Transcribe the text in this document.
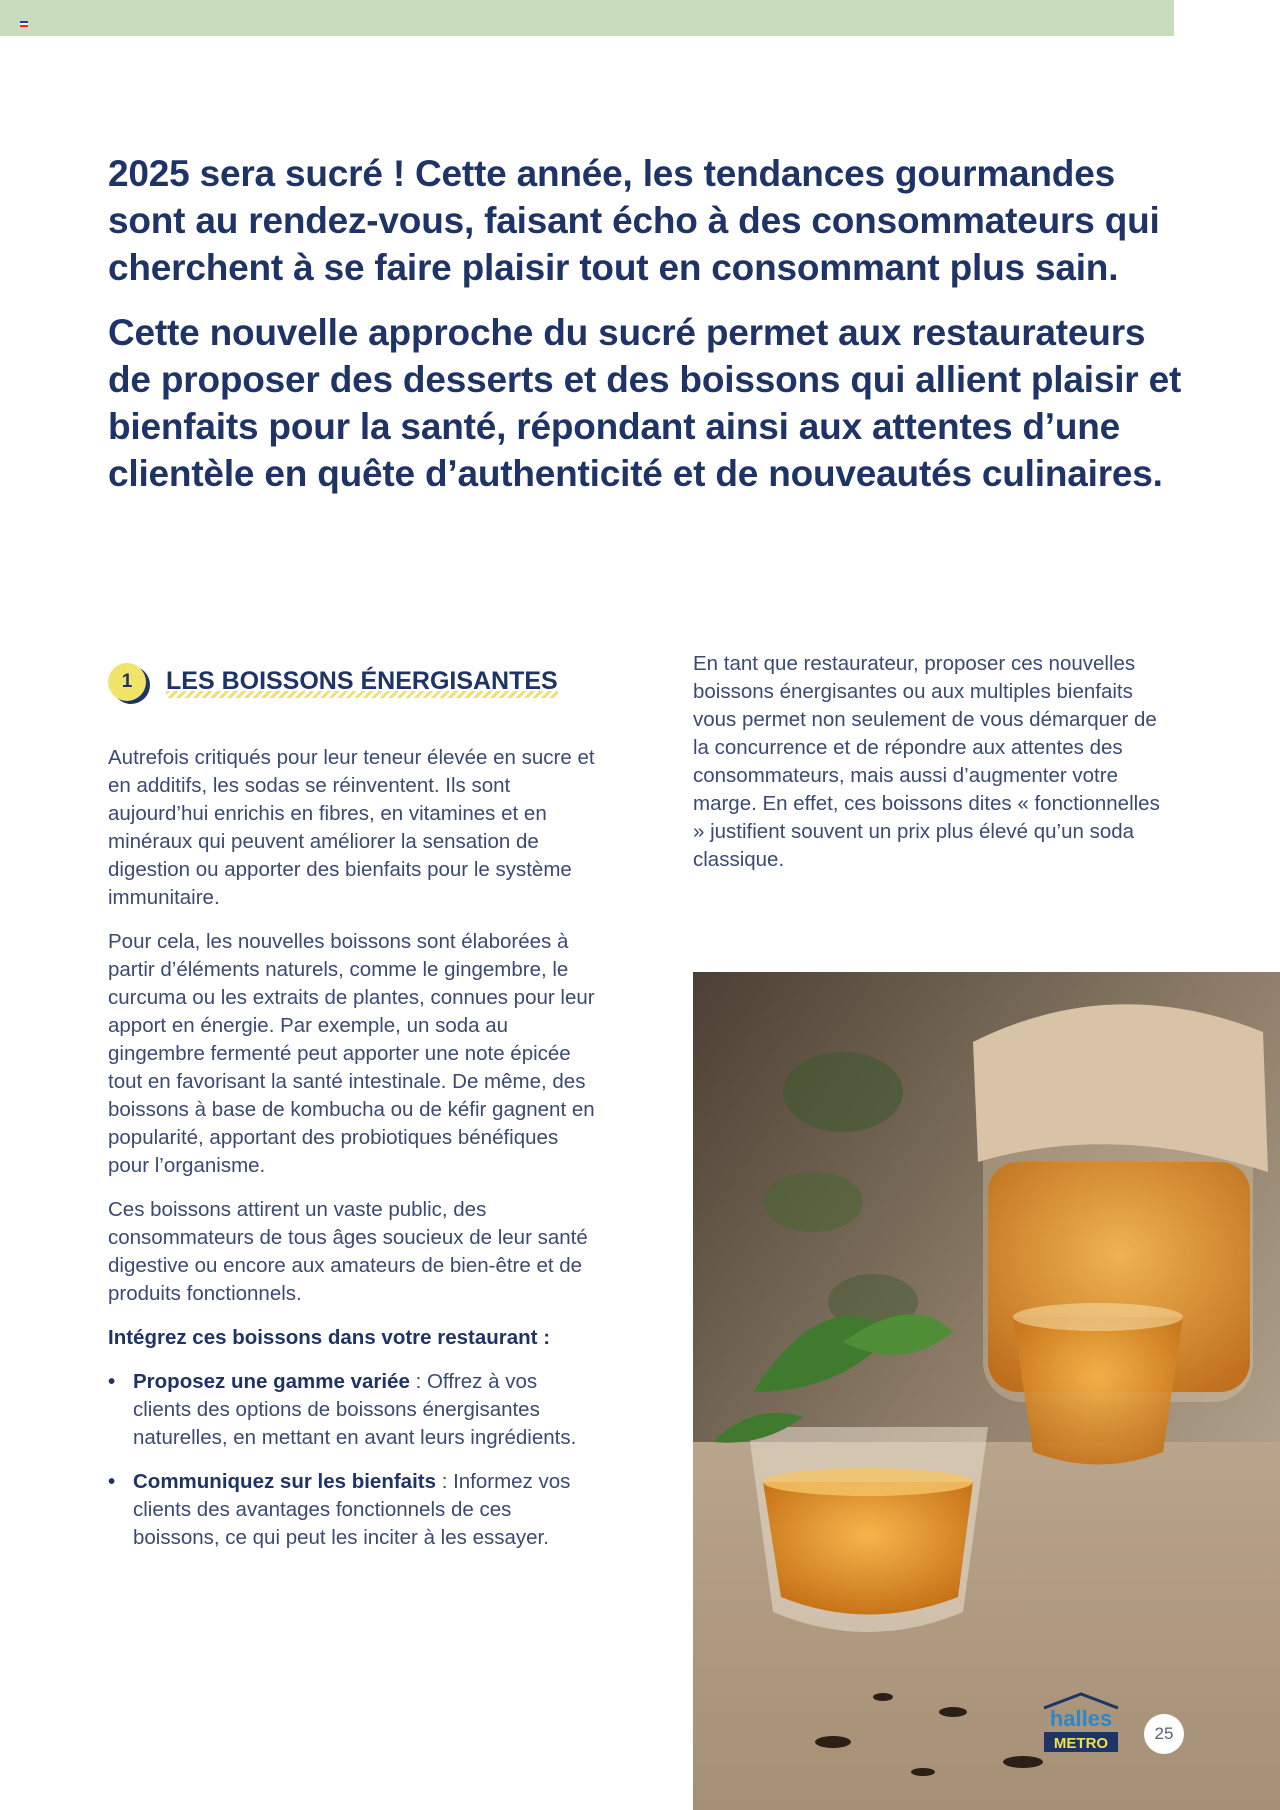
2025 sera sucré ! Cette année, les tendances gourmandes sont au rendez-vous, faisant écho à des consommateurs qui cherchent à se faire plaisir tout en consommant plus sain.

Cette nouvelle approche du sucré permet aux restaurateurs de proposer des desserts et des boissons qui allient plaisir et bienfaits pour la santé, répondant ainsi aux attentes d’une clientèle en quête d’authenticité et de nouveautés culinaires.

1	LES BOISSONS ÉNERGISANTES

Autrefois critiqués pour leur teneur élevée en sucre et en additifs, les sodas se réinventent. Ils sont aujourd’hui enrichis en fibres, en vitamines et en minéraux qui peuvent améliorer la sensation de digestion ou apporter des bienfaits pour le système immunitaire.

Pour cela, les nouvelles boissons sont élaborées à partir d’éléments naturels, comme le gingembre, le curcuma ou les extraits de plantes, connues pour leur apport en énergie. Par exemple, un soda au gingembre fermenté peut apporter une note épicée tout en favorisant la santé intestinale. De même, des boissons à base de kombucha ou de kéfir gagnent en popularité, apportant des probiotiques bénéfiques pour l’organisme.

Ces boissons attirent un vaste public, des consommateurs de tous âges soucieux de leur santé digestive ou encore aux amateurs de bien-être et de produits fonctionnels.

Intégrez ces boissons dans votre restaurant :

• Proposez une gamme variée : Offrez à vos clients des options de boissons énergisantes naturelles, en mettant en avant leurs ingrédients.
• Communiquez sur les bienfaits : Informez vos clients des avantages fonctionnels de ces boissons, ce qui peut les inciter à les essayer.

En tant que restaurateur, proposer ces nouvelles boissons énergisantes ou aux multiples bienfaits vous permet non seulement de vous démarquer de la concurrence et de répondre aux attentes des consommateurs, mais aussi d’augmenter votre marge. En effet, ces boissons dites « fonctionnelles » justifient souvent un prix plus élevé qu’un soda classique.

halles
METRO
25
